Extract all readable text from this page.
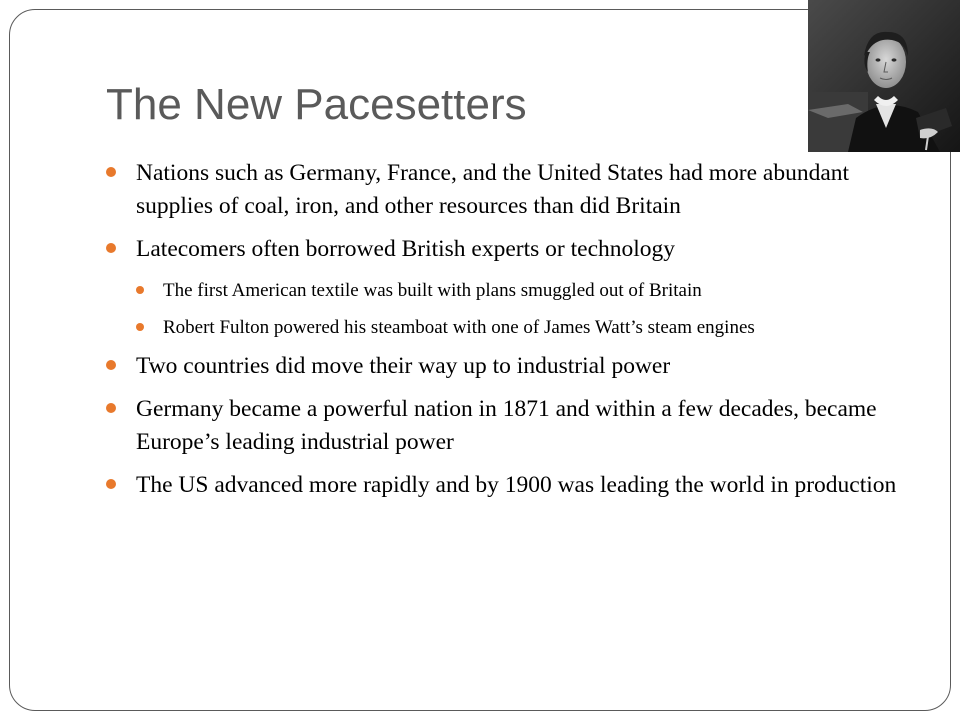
The New Pacesetters
Nations such as Germany, France, and the United States had more abundant supplies of coal, iron, and other resources than did Britain
Latecomers often borrowed British experts or technology
The first American textile was built with plans smuggled out of Britain
Robert Fulton powered his steamboat with one of James Watt’s steam engines
Two countries did move their way up to industrial power
Germany became a powerful nation in 1871 and within a few decades, became Europe’s leading industrial power
The US advanced more rapidly and by 1900 was leading the world in production
